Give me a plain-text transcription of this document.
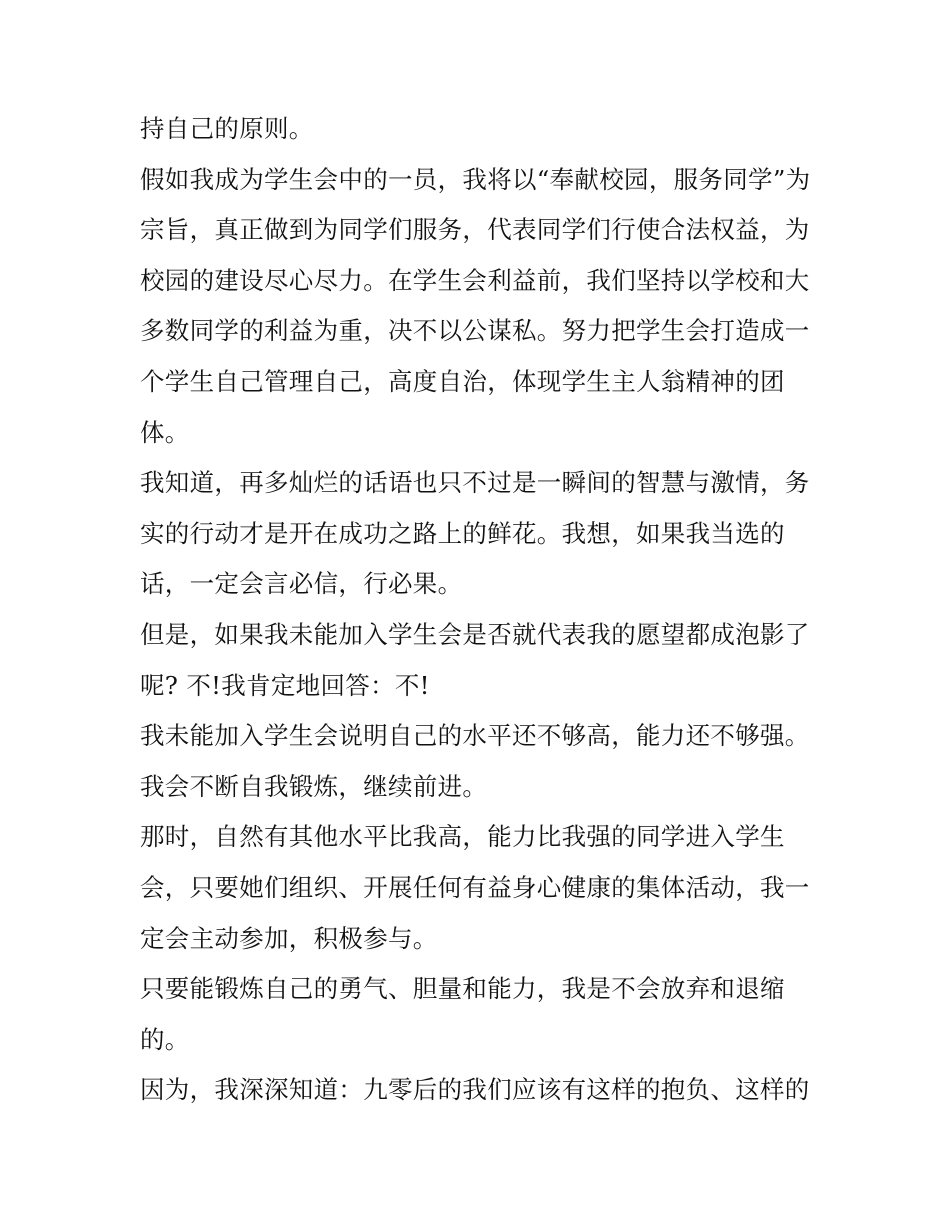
持自己的原则。

假如我成为学生会中的一员，我将以“奉献校园，服务同学”为宗旨，真正做到为同学们服务，代表同学们行使合法权益，为校园的建设尽心尽力。在学生会利益前，我们坚持以学校和大多数同学的利益为重，决不以公谋私。努力把学生会打造成一个学生自己管理自己，高度自治，体现学生主人翁精神的团体。

我知道，再多灿烂的话语也只不过是一瞬间的智慧与激情，务实的行动才是开在成功之路上的鲜花。我想，如果我当选的话，一定会言必信，行必果。

但是，如果我未能加入学生会是否就代表我的愿望都成泡影了呢? 不!我肯定地回答：不!

我未能加入学生会说明自己的水平还不够高，能力还不够强。我会不断自我锻炼，继续前进。

那时，自然有其他水平比我高，能力比我强的同学进入学生会，只要她们组织、开展任何有益身心健康的集体活动，我一定会主动参加，积极参与。

只要能锻炼自己的勇气、胆量和能力，我是不会放弃和退缩的。

因为，我深深知道：九零后的我们应该有这样的抱负、这样的
